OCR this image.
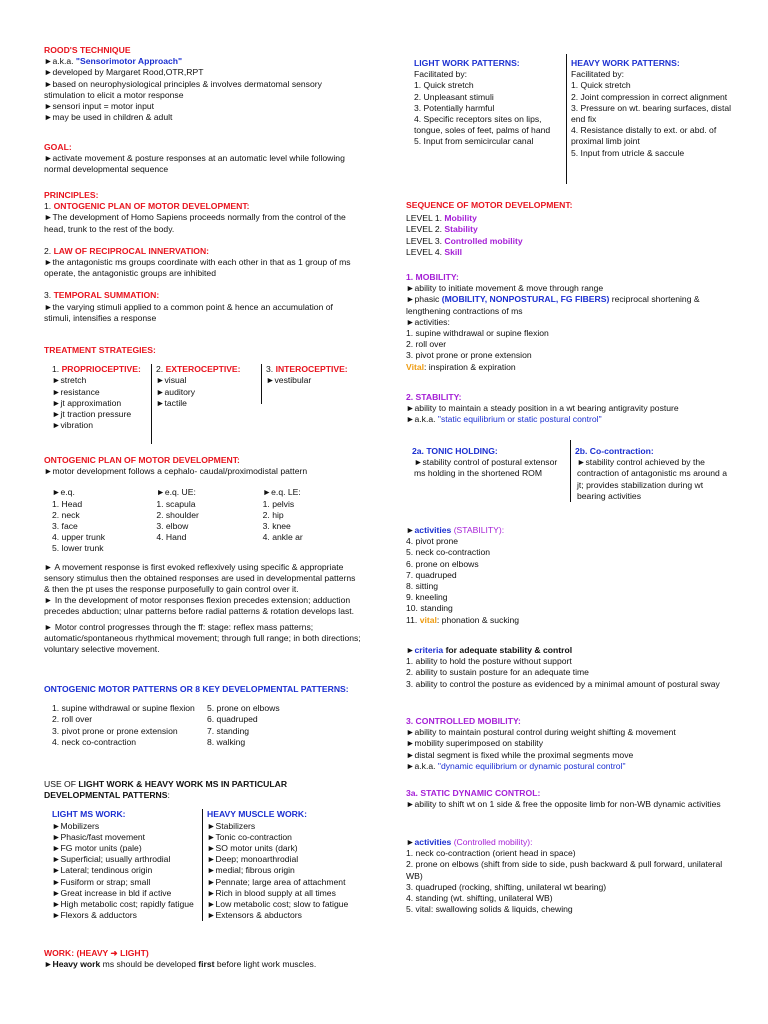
ROOD'S TECHNIQUE
►a.k.a. "Sensorimotor Approach"
►developed by Margaret Rood,OTR,RPT
►based on neurophysiological principles & involves dermatomal sensory stimulation to elicit a motor response
►sensori input = motor input
►may be used in children & adult
GOAL:
►activate movement & posture responses at an automatic level while following normal developmental sequence
PRINCIPLES:
1. ONTOGENIC PLAN OF MOTOR DEVELOPMENT:
►The development of Homo Sapiens proceeds normally from the control of the head, trunk to the rest of the body.
2. LAW OF RECIPROCAL INNERVATION:
►the antagonistic ms groups coordinate with each other in that as 1 group of ms operate, the antagonistic groups are inhibited
3. TEMPORAL SUMMATION:
►the varying stimuli applied to a common point & hence an accumulation of stimuli, intensifies a response
TREATMENT STRATEGIES:
1. PROPRIOCEPTIVE:
►stretch
►resistance
►jt approximation
►jt traction pressure
►vibration
2. EXTEROCEPTIVE:
►visual
►auditory
►tactile
3. INTEROCEPTIVE:
►vestibular
ONTOGENIC PLAN OF MOTOR DEVELOPMENT:
►motor development follows a cephalo- caudal/proximodistal pattern
►e.q.
1. Head
2. neck
3. face
4. upper trunk
5. lower trunk
►e.q. UE:
1. scapula
2. shoulder
3. elbow
4. Hand
►e.q. LE:
1. pelvis
2. hip
3. knee
4. ankle ar
► A movement response is first evoked reflexively using specific & appropriate sensory stimulus then the obtained responses are used in developmental patterns & then the pt uses the response purposefully to gain control over it.
► In the development of motor responses flexion precedes extension; adduction precedes abduction; ulnar patterns before radial patterns & rotation develops last.
► Motor control progresses through the ff: stage: reflex mass patterns; automatic/spontaneous rhythmical movement; through full range; in both directions; voluntary selective movement.
ONTOGENIC MOTOR PATTERNS OR 8 KEY DEVELOPMENTAL PATTERNS:
1. supine withdrawal or supine flexion
2. roll over
3. pivot prone or prone extension
4. neck co-contraction
5. prone on elbows
6. quadruped
7. standing
8. walking
USE OF LIGHT WORK & HEAVY WORK MS IN PARTICULAR DEVELOPMENTAL PATTERNS:
LIGHT MS WORK:
►Mobilizers
►Phasic/fast movement
►FG motor units (pale)
►Superficial; usually arthrodial
►Lateral; tendinous origin
►Fusiform or strap; small
►Great increase in bld if active
►High metabolic cost; rapidly fatigue
►Flexors & adductors
HEAVY MUSCLE WORK:
►Stabilizers
►Tonic co-contraction
►SO motor units (dark)
►Deep; monoarthrodial
►medial; fibrous origin
►Pennate; large area of attachment
►Rich in blood supply at all times
►Low metabolic cost; slow to fatigue
►Extensors & abductors
WORK: (HEAVY ➜ LIGHT)
►Heavy work ms should be developed first before light work muscles.
LIGHT WORK PATTERNS:
Facilitated by:
1. Quick stretch
2. Unpleasant stimuli
3. Potentially harmful
4. Specific receptors sites on lips, tongue, soles of feet, palms of hand
5. Input from semicircular canal
HEAVY WORK PATTERNS:
Facilitated by:
1. Quick stretch
2. Joint compression in correct alignment
3. Pressure on wt. bearing surfaces, distal end fix
4. Resistance distally to ext. or abd. of proximal limb joint
5. Input from utricle & saccule
SEQUENCE OF MOTOR DEVELOPMENT:
LEVEL 1. Mobility
LEVEL 2. Stability
LEVEL 3. Controlled mobility
LEVEL 4. Skill
1. MOBILITY:
►ability to initiate movement & move through range
►phasic (MOBILITY, NONPOSTURAL, FG FIBERS) reciprocal shortening & lengthening contractions of ms
►activities:
1. supine withdrawal or supine flexion
2. roll over
3. pivot prone or prone extension
Vital: inspiration & expiration
2. STABILITY:
►ability to maintain a steady position in a wt bearing antigravity posture
►a.k.a. "static equilibrium or static postural control"
2a. TONIC HOLDING:
►stability control of postural extensor ms holding in the shortened ROM
2b. Co-contraction:
►stability control achieved by the contraction of antagonistic ms around a jt; provides stabilization during wt bearing activities
►activities (STABILITY):
4. pivot prone
5. neck co-contraction
6. prone on elbows
7. quadruped
8. sitting
9. kneeling
10. standing
11. vital: phonation & sucking
►criteria for adequate stability & control
1. ability to hold the posture without support
2. ability to sustain posture for an adequate time
3. ability to control the posture as evidenced by a minimal amount of postural sway
3. CONTROLLED MOBILITY:
►ability to maintain postural control during weight shifting & movement
►mobility superimposed on stability
►distal segment is fixed while the proximal segments move
►a.k.a. "dynamic equilibrium or dynamic postural control"
3a. STATIC DYNAMIC CONTROL:
►ability to shift wt on 1 side & free the opposite limb for non-WB dynamic activities
►activities (Controlled mobility):
1. neck co-contraction (orient head in space)
2. prone on elbows (shift from side to side, push backward & pull forward, unilateral WB)
3. quadruped (rocking, shifting, unilateral wt bearing)
4. standing (wt. shifting, unilateral WB)
5. vital: swallowing solids & liquids, chewing
